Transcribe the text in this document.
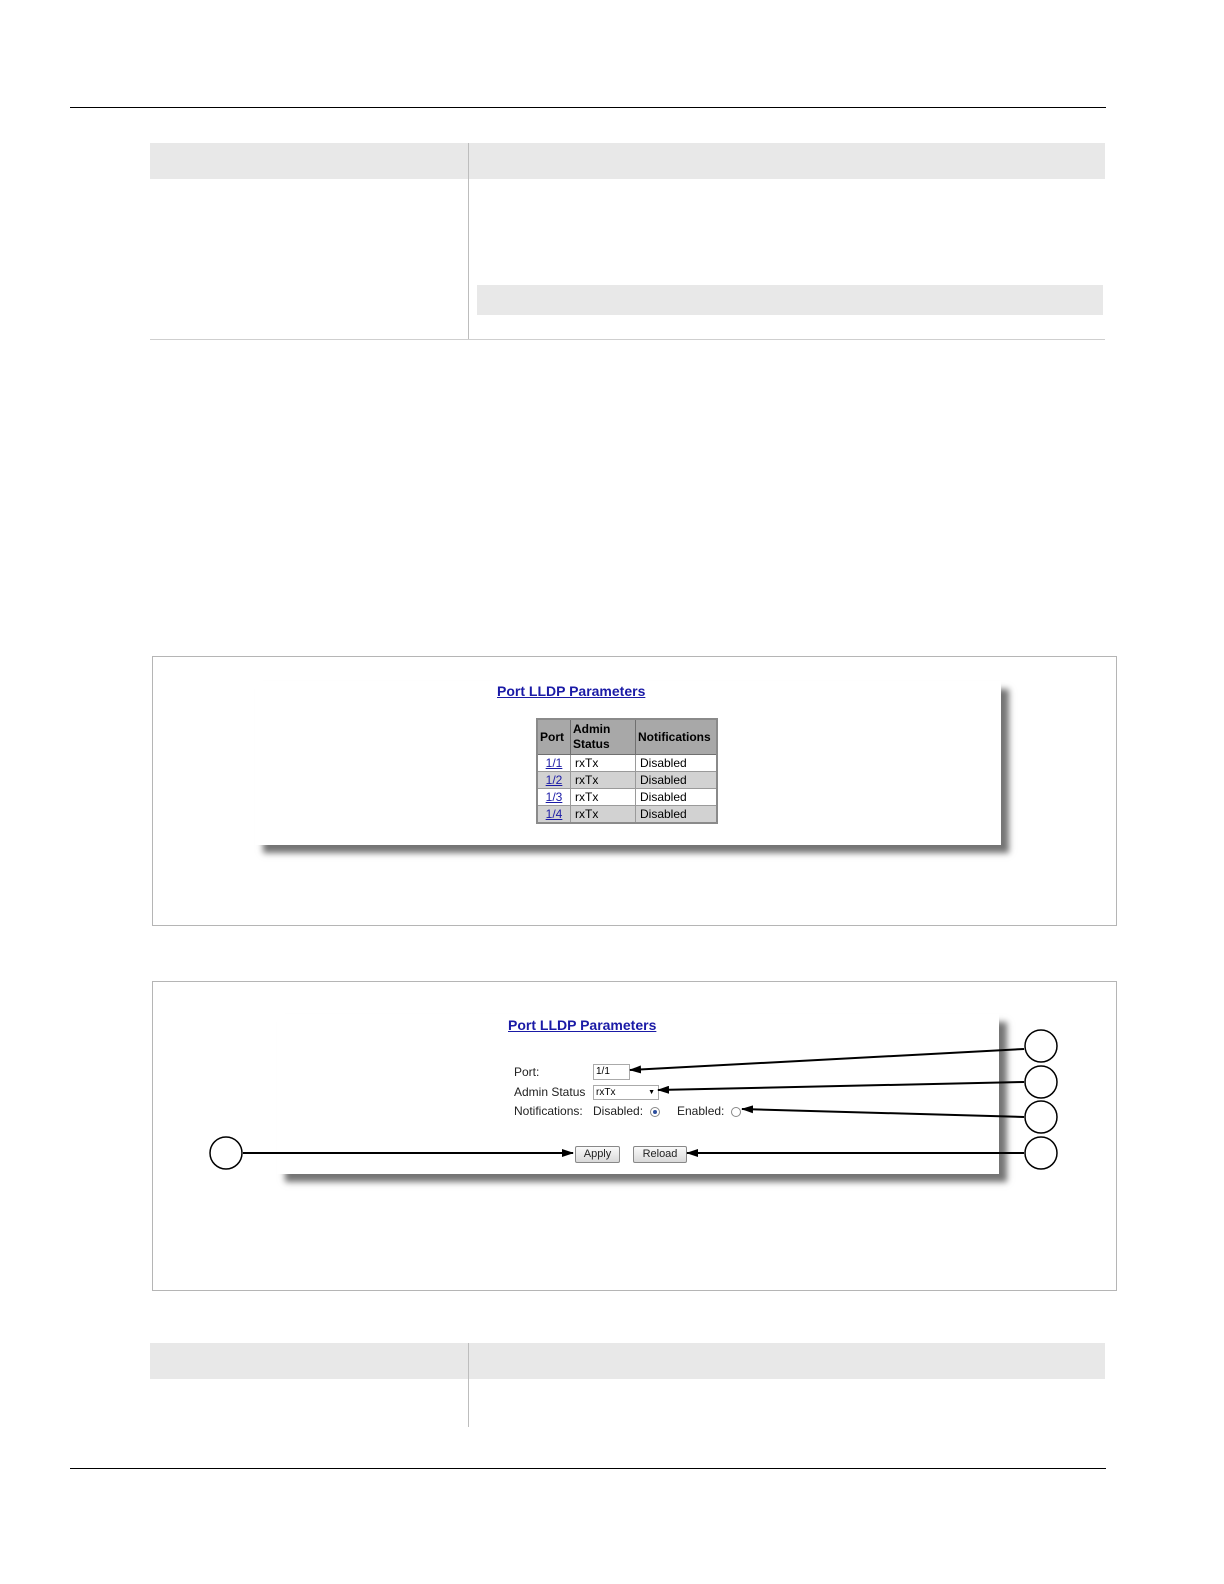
Port LLDP Parameters
Port	Admin Status	Notifications
1/1	rxTx	Disabled
1/2	rxTx	Disabled
1/3	rxTx	Disabled
1/4	rxTx	Disabled
Port LLDP Parameters
Port:	1/1
Admin Status	rxTx	▼
Notifications: Disabled:	Enabled:
Apply	Reload
